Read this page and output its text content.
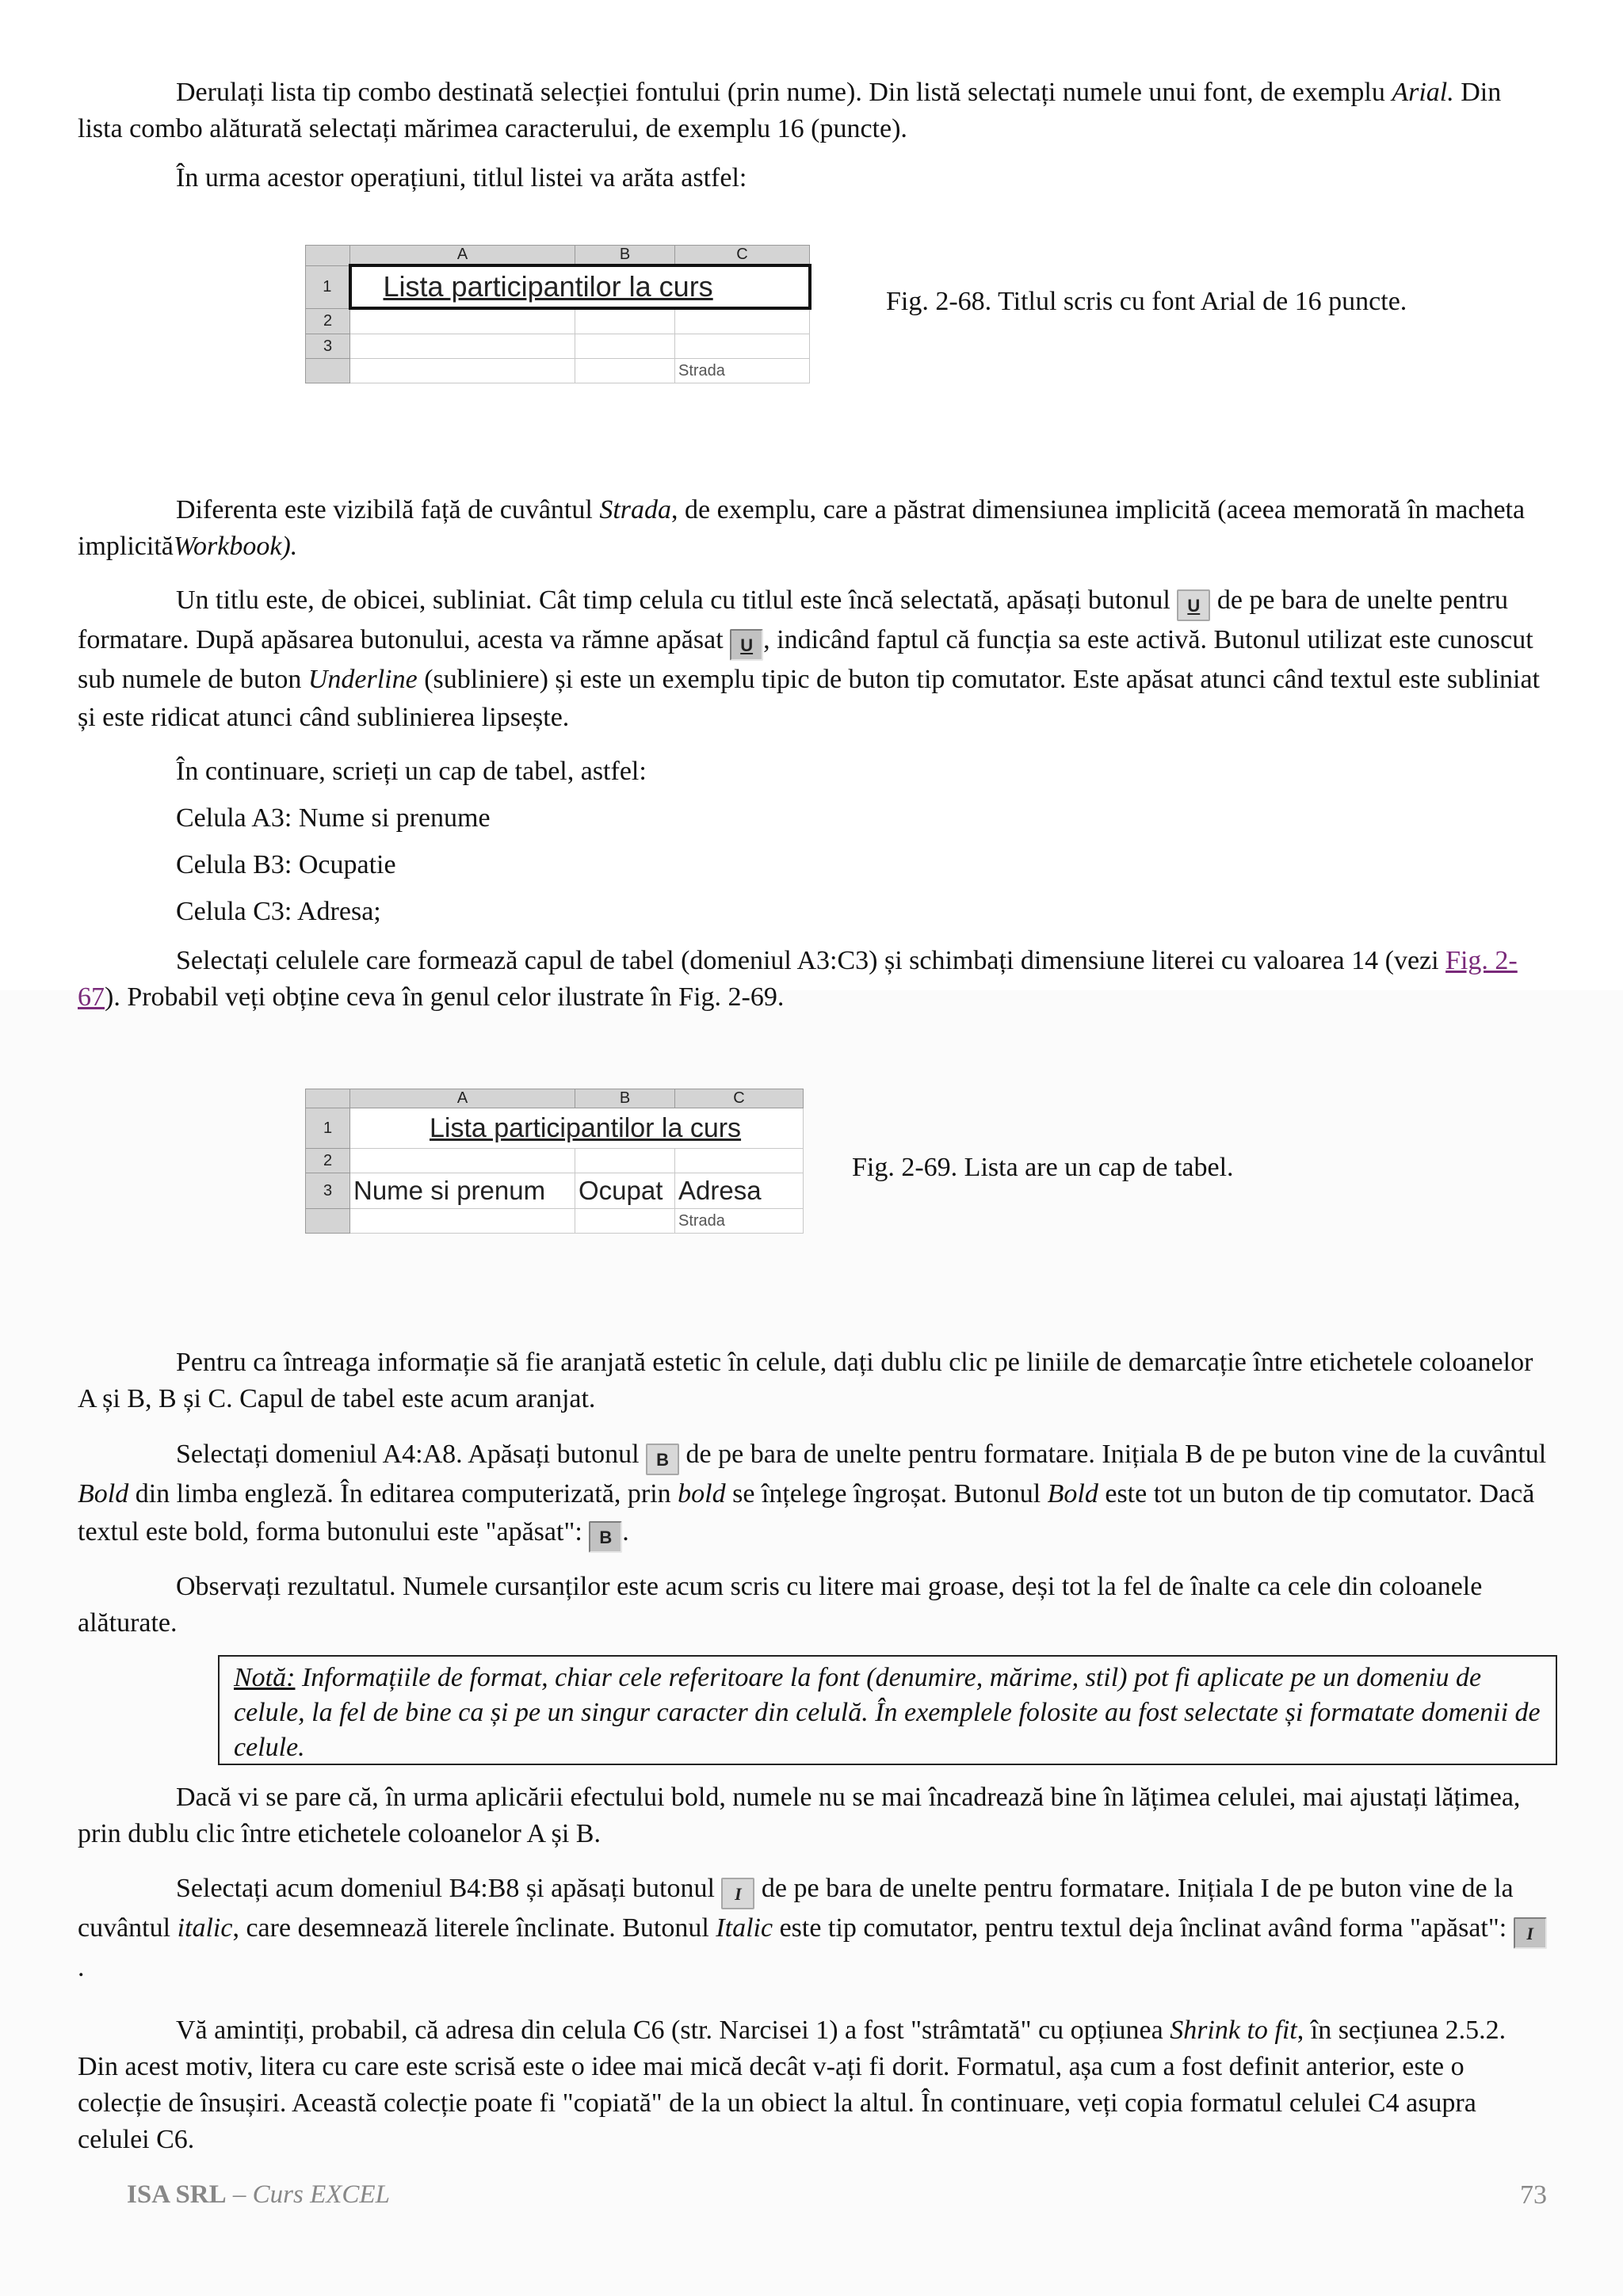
Derulați lista tip combo destinată selecției fontului (prin nume). Din listă selectați numele unui font, de exemplu Arial. Din lista combo alăturată selectați mărimea caracterului, de exemplu 16 (puncte).

În urma acestor operațiuni, titlul listei va arăta astfel:

	A	B	C
1	Lista participantilor la curs		
2			
3			
			Strada
Fig. 2-68. Titlul scris cu font Arial de 16 puncte.

Diferenta este vizibilă față de cuvântul Strada, de exemplu, care a păstrat dimensiunea implicită (aceea memorată în macheta implicităWorkbook).

Un titlu este, de obicei, subliniat. Cât timp celula cu titlul este încă selectată, apăsați butonul U de pe bara de unelte pentru formatare. După apăsarea butonului, acesta va rămne apăsat U , indicând faptul că funcția sa este activă. Butonul utilizat este cunoscut sub numele de buton Underline (subliniere) și este un exemplu tipic de buton tip comutator. Este apăsat atunci când textul este subliniat și este ridicat atunci când sublinierea lipsește.

În continuare, scrieți un cap de tabel, astfel:

Celula A3: Nume si prenume

Celula B3: Ocupatie

Celula C3: Adresa;

Selectați celulele care formează capul de tabel (domeniul A3:C3) și schimbați dimensiune literei cu valoarea 14 (vezi Fig. 2-67). Probabil veți obține ceva în genul celor ilustrate în Fig. 2-69.

	A	B	C
1	Lista participantilor la curs		
2			
3	Nume si prenum	Ocupat	Adresa
			Strada
Fig. 2-69. Lista are un cap de tabel.

Pentru ca întreaga informație să fie aranjată estetic în celule, dați dublu clic pe liniile de demarcație între etichetele coloanelor A și B, B și C. Capul de tabel este acum aranjat.

Selectați domeniul A4:A8. Apăsați butonul B de pe bara de unelte pentru formatare. Inițiala B de pe buton vine de la cuvântul Bold din limba engleză. În editarea computerizată, prin bold se înțelege îngroșat. Butonul Bold este tot un buton de tip comutator. Dacă textul este bold, forma butonului este "apăsat": B .

Observați rezultatul. Numele cursanților este acum scris cu litere mai groase, deși tot la fel de înalte ca cele din coloanele alăturate.

Notă: Informațiile de format, chiar cele referitoare la font (denumire, mărime, stil) pot fi aplicate pe un domeniu de celule, la fel de bine ca și pe un singur caracter din celulă. În exemplele folosite au fost selectate și formatate domenii de celule.

Dacă vi se pare că, în urma aplicării efectului bold, numele nu se mai încadrează bine în lățimea celulei, mai ajustați lățimea, prin dublu clic între etichetele coloanelor A și B.

Selectați acum domeniul B4:B8 și apăsați butonul I de pe bara de unelte pentru formatare. Inițiala I de pe buton vine de la cuvântul italic, care desemnează literele înclinate. Butonul Italic este tip comutator, pentru textul deja înclinat având forma "apăsat": I.

Vă amintiți, probabil, că adresa din celula C6 (str. Narcisei 1) a fost "strâmtată" cu opțiunea Shrink to fit, în secțiunea 2.5.2. Din acest motiv, litera cu care este scrisă este o idee mai mică decât v-ați fi dorit. Formatul, așa cum a fost definit anterior, este o colecție de însușiri. Această colecție poate fi "copiată" de la un obiect la altul. În continuare, veți copia formatul celulei C4 asupra celulei C6.

ISA SRL – Curs EXCEL	73
